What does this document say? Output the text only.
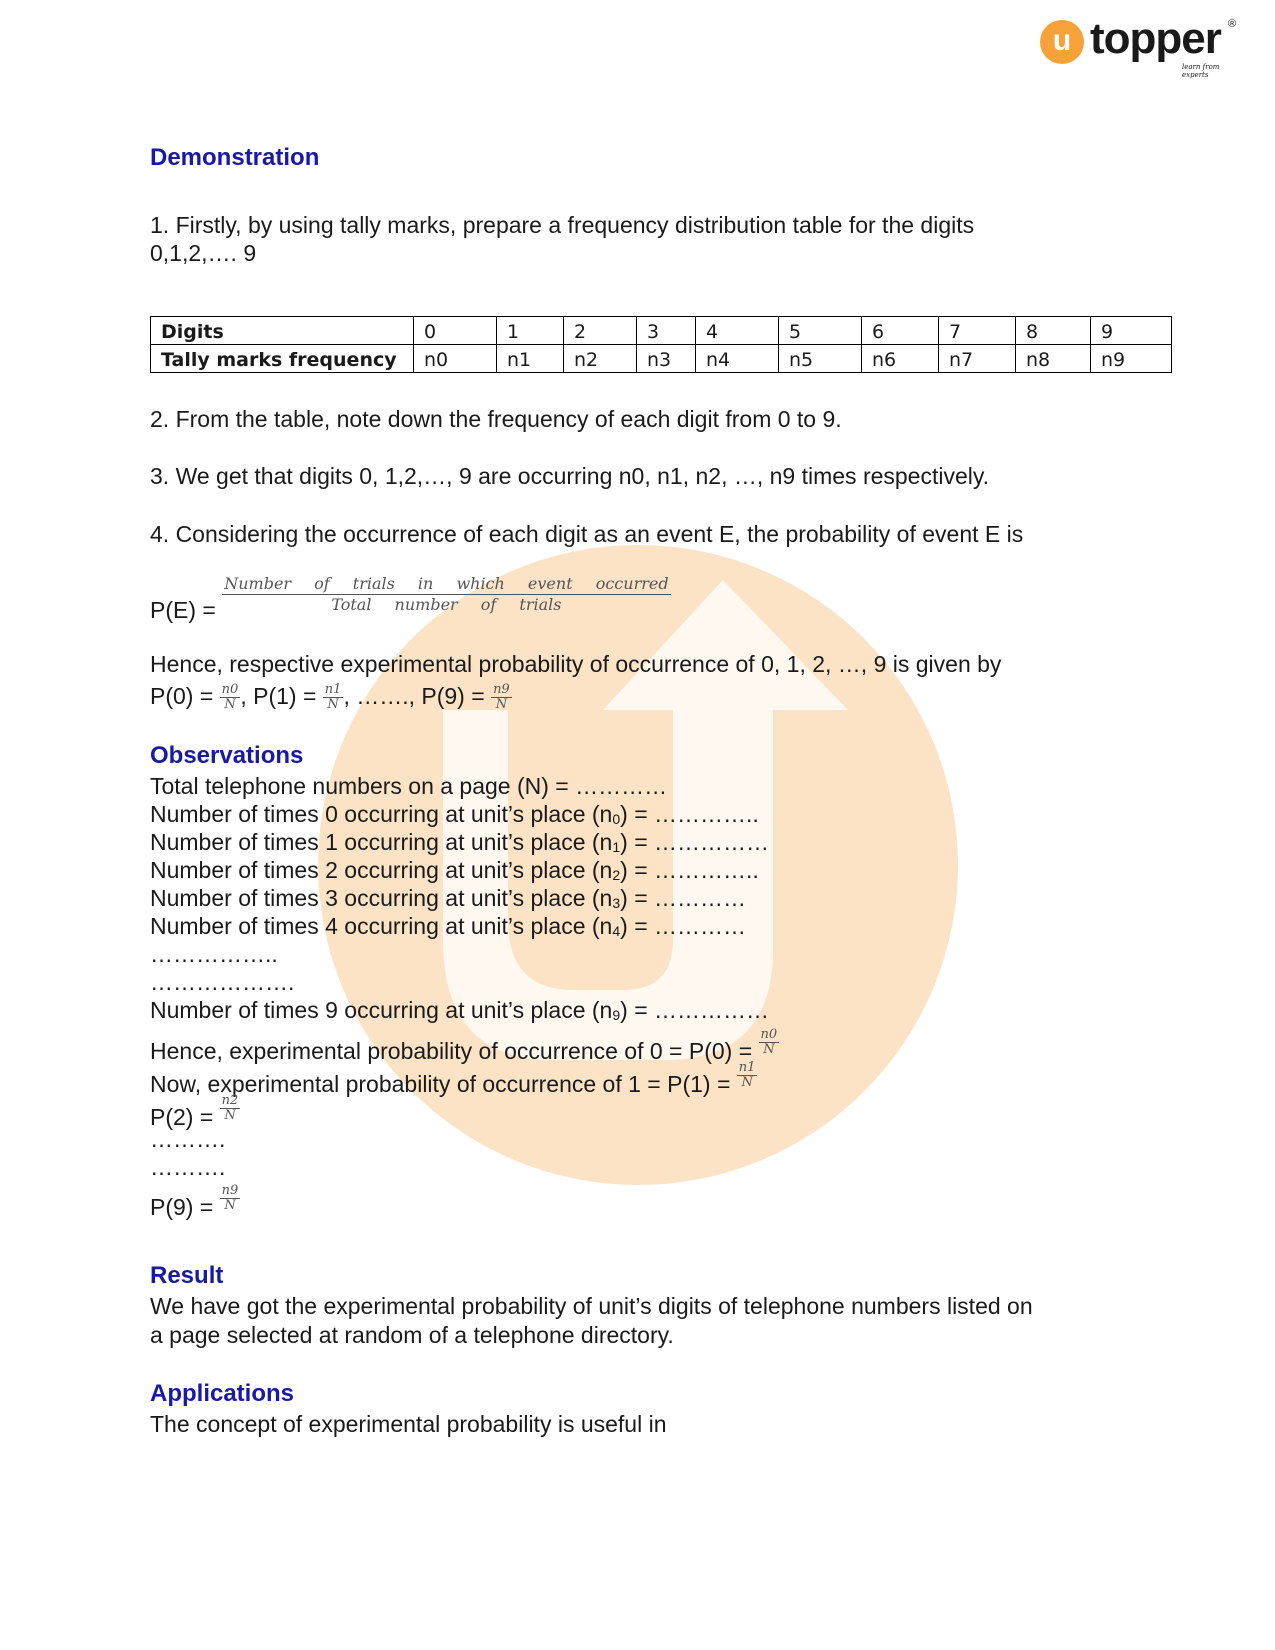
u topper ®
learn from experts
Demonstration
1. Firstly, by using tally marks, prepare a frequency distribution table for the digits
0,1,2,…. 9
Digits	0	1	2	3	4	5	6	7	8	9
Tally marks frequency	n0	n1	n2	n3	n4	n5	n6	n7	n8	n9
2. From the table, note down the frequency of each digit from 0 to 9.
3. We get that digits 0, 1,2,…, 9 are occurring n0, n1, n2, …, n9 times respectively.
4. Considering the occurrence of each digit as an event E, the probability of event E is
$P(E) = \frac{\text{Number of trials in which event occurred}}{\text{Total number of trials}}$
Hence, respective experimental probability of occurrence of 0, 1, 2, …, 9 is given by
$P(0) = \frac{n0}{N}$ , $P(1) = \frac{n1}{N}$ , ……., $P(9) = \frac{n9}{N}$
Observations
Total telephone numbers on a page (N) = …………
Number of times 0 occurring at unit’s place (n0) = …………..
Number of times 1 occurring at unit’s place (n1) = ……………
Number of times 2 occurring at unit’s place (n2) = …………..
Number of times 3 occurring at unit’s place (n3) = …………
Number of times 4 occurring at unit’s place (n4) = …………
……………..
……………….
Number of times 9 occurring at unit’s place (n9) = ……………
Hence, experimental probability of occurrence of $0 = P(0) = \frac{n0}{N}$
Now, experimental probability of occurrence of $1 = P(1) = \frac{n1}{N}$
$P(2) = \frac{n2}{N}$
……….
……….
$P(9) = \frac{n9}{N}$
Result
We have got the experimental probability of unit’s digits of telephone numbers listed on
a page selected at random of a telephone directory.
Applications
The concept of experimental probability is useful in
